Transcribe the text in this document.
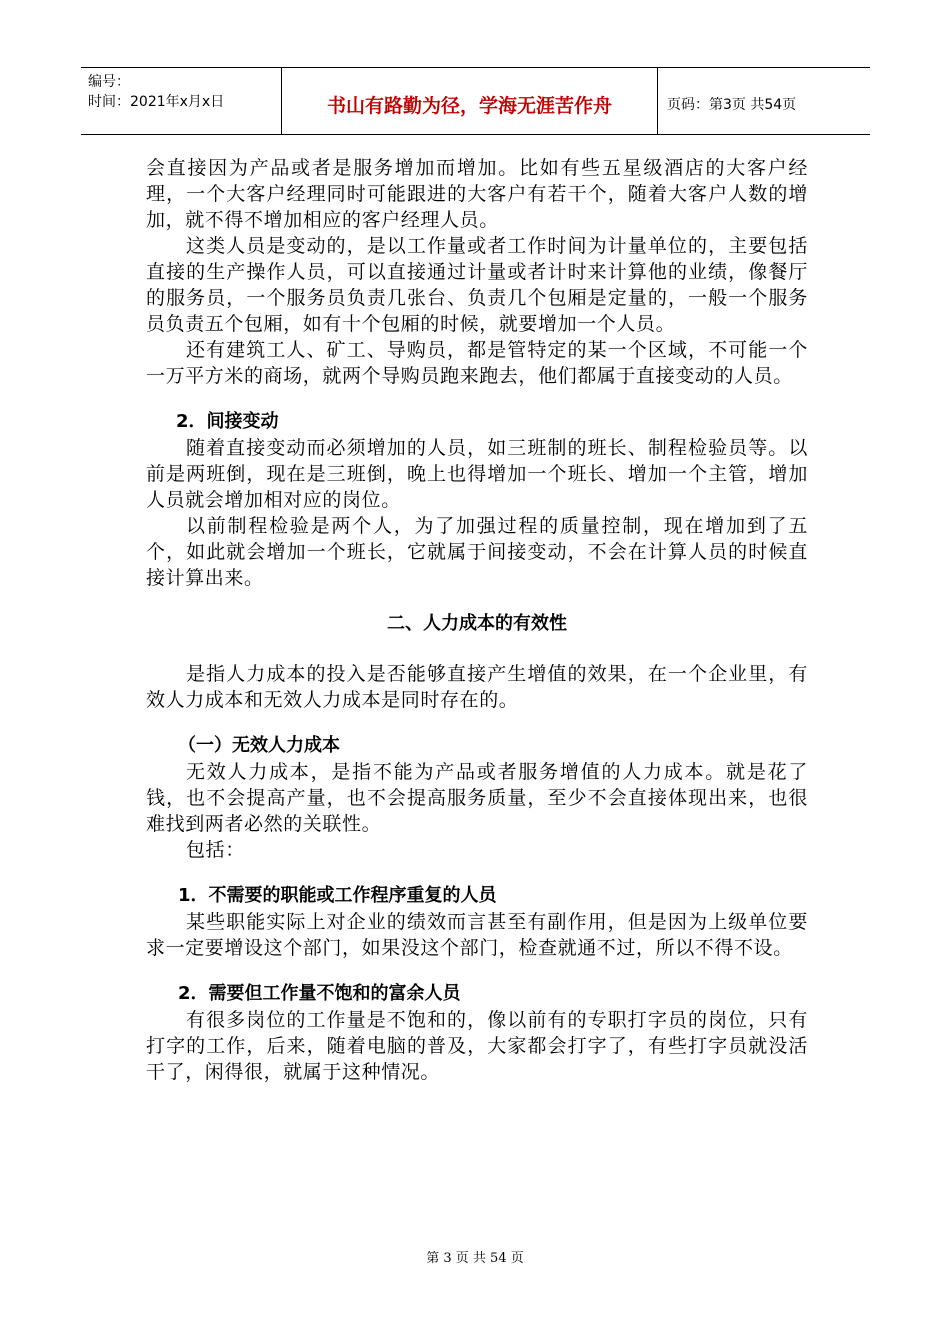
编号：
时间：2021年x月x日	书山有路勤为径，学海无涯苦作舟	页码：第3页 共54页

会直接因为产品或者是服务增加而增加。比如有些五星级酒店的大客户经理，一个大客户经理同时可能跟进的大客户有若干个，随着大客户人数的增加，就不得不增加相应的客户经理人员。

这类人员是变动的，是以工作量或者工作时间为计量单位的，主要包括直接的生产操作人员，可以直接通过计量或者计时来计算他的业绩，像餐厅的服务员，一个服务员负责几张台、负责几个包厢是定量的，一般一个服务员负责五个包厢，如有十个包厢的时候，就要增加一个人员。

还有建筑工人、矿工、导购员，都是管特定的某一个区域，不可能一个一万平方米的商场，就两个导购员跑来跑去，他们都属于直接变动的人员。

2．间接变动

随着直接变动而必须增加的人员，如三班制的班长、制程检验员等。以前是两班倒，现在是三班倒，晚上也得增加一个班长、增加一个主管，增加人员就会增加相对应的岗位。

以前制程检验是两个人，为了加强过程的质量控制，现在增加到了五个，如此就会增加一个班长，它就属于间接变动，不会在计算人员的时候直接计算出来。

二、人力成本的有效性

是指人力成本的投入是否能够直接产生增值的效果，在一个企业里，有效人力成本和无效人力成本是同时存在的。

（一）无效人力成本

无效人力成本，是指不能为产品或者服务增值的人力成本。就是花了钱，也不会提高产量，也不会提高服务质量，至少不会直接体现出来，也很难找到两者必然的关联性。

包括：

1．不需要的职能或工作程序重复的人员

某些职能实际上对企业的绩效而言甚至有副作用，但是因为上级单位要求一定要增设这个部门，如果没这个部门，检查就通不过，所以不得不设。

2．需要但工作量不饱和的富余人员

有很多岗位的工作量是不饱和的，像以前有的专职打字员的岗位，只有打字的工作，后来，随着电脑的普及，大家都会打字了，有些打字员就没活干了，闲得很，就属于这种情况。

第 3 页 共 54 页
